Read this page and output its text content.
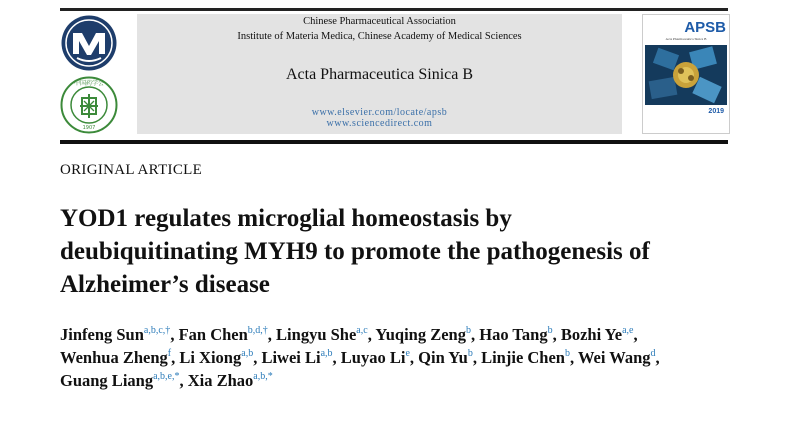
中国药学会
1907
Chinese Pharmaceutical Association
Institute of Materia Medica, Chinese Academy of Medical Sciences
Acta Pharmaceutica Sinica B
www.elsevier.com/locate/apsb
www.sciencedirect.com
APSB
Acta Pharmaceutica Sinica B
2019
ORIGINAL ARTICLE
YOD1 regulates microglial homeostasis by deubiquitinating MYH9 to promote the pathogenesis of Alzheimer’s disease
Jinfeng Sun$^{a,b,c,\dagger}$, Fan Chen$^{b,d,\dagger}$, Lingyu She$^{a,c}$, Yuqing Zeng$^b$, Hao Tang$^b$, Bozhi Ye$^{a,e}$, Wenhua Zheng$^f$, Li Xiong$^{a,b}$, Liwei Li$^{a,b}$, Luyao Li$^e$, Qin Yu$^b$, Linjie Chen$^b$, Wei Wang$^d$, Guang Liang$^{a,b,e,*}$, Xia Zhao$^{a,b,*}$
